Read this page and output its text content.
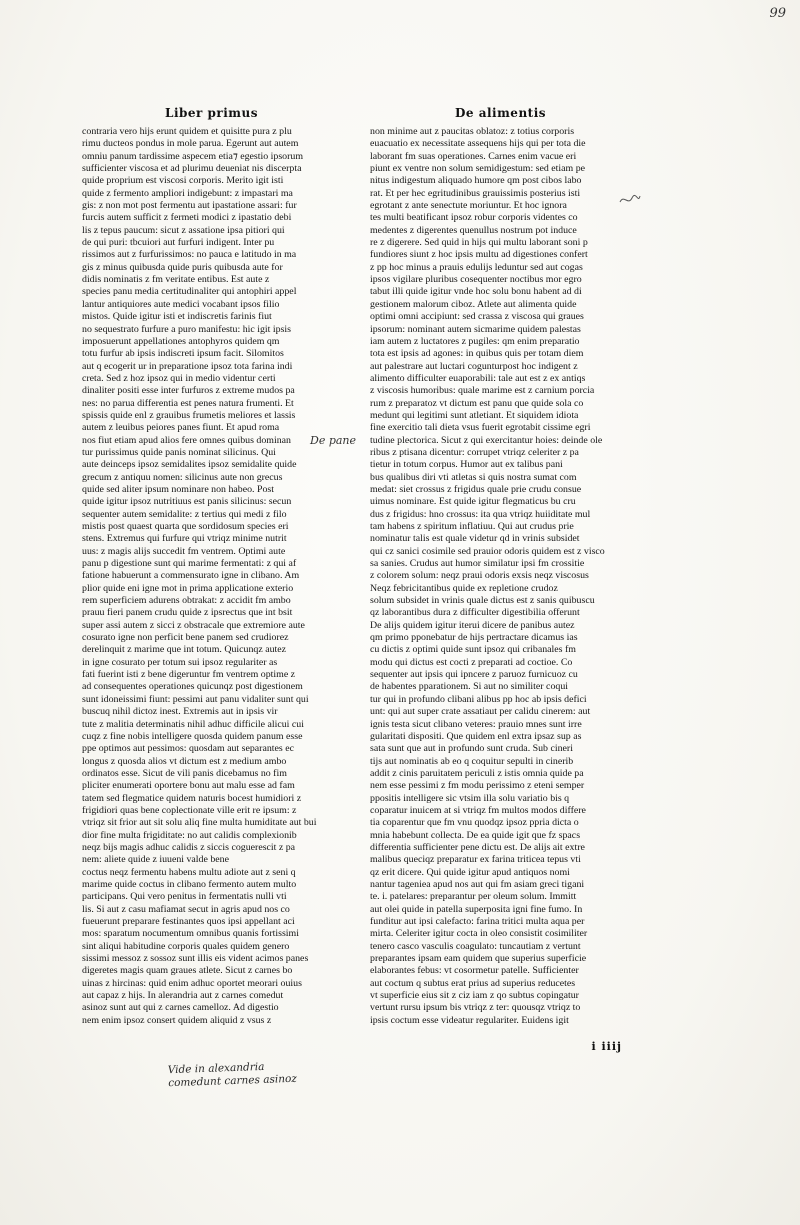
99
Liber primus	De alimentis
contraria vero hijs erunt quidem et quisitte pura z plu
rimu ducteos pondus in mole parua. Egerunt aut autem
omniu panum tardissime aspecem etia⁊ egestio ipsorum
sufficienter viscosa et ad plurimu deueniat nis discerpta
quide proprium est viscosi corporis. Merito igit isti
quide z fermento ampliori indigebunt: z impastari ma
gis: z non mot post fermentu aut ipastatione assari: fur
furcis autem sufficit z fermeti modici z ipastatio debi
lis z tepus paucum: sicut z assatione ipsa pitiori qui
de qui puri: tbcuiori aut furfuri indigent. Inter pu
rissimos aut z furfurissimos: no pauca e latitudo in ma
gis z minus quibusda quide puris quibusda aute for
didis nominatis z fm veritate entibus. Est aute z
species panu media certitudinaliter qui antophiri appel
lantur antiquiores aute medici vocabant ipsos filio
mistos. Quide igitur isti et indiscretis farinis fiut
no sequestrato furfure a puro manifestu: hic igit ipsis
imposuerunt appellationes antophyros quidem qm
totu furfur ab ipsis indiscreti ipsum facit. Silomitos
aut q ecogerit ur in preparatione ipsoz tota farina indi
creta. Sed z hoz ipsoz qui in medio videntur certi
dinaliter positi esse inter furfuros z extreme mudos pa
nes: no parua differentia est penes natura frumenti. Et
spissis quide enl z grauibus frumetis meliores et lassis
autem z leuibus peiores panes fiunt. Et apud roma
nos fiut etiam apud alios fere omnes quibus dominan
tur purissimus quide panis nominat silicinus. Qui
aute deinceps ipsoz semidalites ipsoz semidalite quide
grecum z antiquu nomen: silicinus aute non grecus
quide sed aliter ipsum nominare non habeo. Post
quide igitur ipsoz nutritiuus est panis silicinus: secun
sequenter autem semidalite: z tertius qui medi z filo
mistis post quaest quarta que sordidosum species eri
stens. Extremus qui furfure qui vtriqz minime nutrit
uus: z magis alijs succedit fm ventrem. Optimi aute
panu p digestione sunt qui marime fermentati: z qui af
fatione habuerunt a commensurato igne in clibano. Am
plior quide eni igne mot in prima applicatione exterio
rem superficiem adurens obtrakat: z accidit fm ambo
prauu fieri panem crudu quide z ipsrectus que int bsit
super assi autem z sicci z obstracale que extremiore aute
cosurato igne non perficit bene panem sed crudiorez
derelinquit z marime que int totum. Quicunqz autez
in igne cosurato per totum sui ipsoz regulariter as
fati fuerint isti z bene digeruntur fm ventrem optime z
ad consequentes operationes quicunqz post digestionem
sunt idoneissimi fiunt: pessimi aut panu vidaliter sunt qui
buscuq nihil dictoz inest. Extremis aut in ipsis vir
tute z malitia determinatis nihil adhuc difficile alicui cui
cuqz z fine nobis intelligere quosda quidem panum esse
ppe optimos aut pessimos: quosdam aut separantes ec
longus z quosda alios vt dictum est z medium ambo
ordinatos esse. Sicut de vili panis dicebamus no fim
pliciter enumerati oportere bonu aut malu esse ad fam
tatem sed flegmatice quidem naturis bocest humidiori z
frigidiori quas bene coplectionate ville erit re ipsum: z
vtriqz sit frior aut sit solu aliq fine multa humiditate aut bui
dior fine multa frigiditate: no aut calidis complexionib
neqz bijs magis adhuc calidis z siccis coguerescit z pa
nem: aliete quide z iuueni valde bene
coctus neqz fermentu habens multu adiote aut z seni q
marime quide coctus in clibano fermento autem multo
participans. Qui vero penitus in fermentatis nulli vti
lis. Si aut z casu mafiamat secut in agris apud nos co
fueuerunt preparare festinantes quos ipsi appellant aci
mos: sparatum nocumentum omnibus quanis fortissimi
sint aliqui habitudine corporis quales quidem genero
sissimi messoz z sossoz sunt illis eis vident acimos panes
digeretes magis quam graues atlete. Sicut z carnes bo
uinas z hircinas: quid enim adhuc oportet meorari ouius
aut capaz z hijs. In alerandria aut z carnes comedut
asinoz sunt aut qui z carnes camelloz. Ad digestio
nem enim ipsoz consert quidem aliquid z vsus z
non minime aut z paucitas oblatoz: z totius corporis
euacuatio ex necessitate assequens hijs qui per tota die
laborant fm suas operationes. Carnes enim vacue eri
piunt ex ventre non solum semidigestum: sed etiam pe
nitus indigestum aliquado humore qm post cibos labo
rat. Et per hec egritudinibus grauissimis posterius isti
egrotant z ante senectute moriuntur. Et hoc ignora
tes multi beatificant ipsoz robur corporis videntes co
medentes z digerentes quenullus nostrum pot induce
re z digerere. Sed quid in hijs qui multu laborant soni p
fundiores siunt z hoc ipsis multu ad digestiones confert
z pp hoc minus a prauis edulijs leduntur sed aut cogas
ipsos vigilare pluribus cosequenter noctibus mor egro
tabut illi quide igitur vnde hoc solu bonu habent ad di
gestionem malorum ciboz. Atlete aut alimenta quide
optimi omni accipiunt: sed crassa z viscosa qui graues
ipsorum: nominant autem sicmarime quidem palestas
iam autem z luctatores z pugiles: qm enim preparatio
tota est ipsis ad agones: in quibus quis per totam diem
aut palestrare aut luctari cogunturpost hoc indigent z
alimento difficulter euaporabili: tale aut est z ex antiqs
z viscosis humoribus: quale marime est z carnium porcia
rum z preparatoz vt dictum est panu que quide sola co
medunt qui legitimi sunt atletiant. Et siquidem idiota
fine exercitio tali dieta vsus fuerit egrotabit cissime egri
tudine plectorica. Sicut z qui exercitantur hoies: deinde ole
ribus z ptisana dicentur: corrupet vtriqz celeriter z pa
tietur in totum corpus. Humor aut ex talibus pani
bus qualibus diri vti atletas si quis nostra sumat com
medat: siet crossus z frigidus quale prie crudu consue
uimus nominare. Est quide igitur flegmaticus bu cru
dus z frigidus: hno crossus: ita qua vtriqz huiiditate mul
tam habens z spiritum inflatiuu. Qui aut crudus prie
nominatur talis est quale videtur qd in vrinis subsidet
qui cz sanici cosimile sed prauior odoris quidem est z visco
sa sanies. Crudus aut humor similatur ipsi fm crossitie
z colorem solum: neqz praui odoris exsis neqz viscosus
Neqz febricitantibus quide ex repletione crudoz
solum subsidet in vrinis quale dictus est z sanis quibuscu
qz laborantibus dura z difficulter digestibilia offerunt
De alijs quidem igitur iterui dicere de panibus autez
qm primo pponebatur de hijs pertractare dicamus ias
cu dictis z optimi quide sunt ipsoz qui cribanales fm
modu qui dictus est cocti z preparati ad coctioe. Co
sequenter aut ipsis qui ipncere z paruoz furnicuoz cu
de habentes pparationem. Si aut no similiter coqui
tur qui in profundo clibani alibus pp hoc ab ipsis defici
unt: qui aut super crate assatiaut per calidu cinerem: aut
ignis testa sicut clibano veteres: prauio mnes sunt irre
gularitati dispositi. Que quidem enl extra ipsaz sup as
sata sunt que aut in profundo sunt cruda. Sub cineri
tijs aut nominatis ab eo q coquitur sepulti in cinerib
addit z cinis paruitatem periculi z istis omnia quide pa
nem esse pessimi z fm modu perissimo z eteni semper
ppositis intelligere sic vtsim illa solu variatio bis q
coparatur inuicem at si vtriqz fm multos modos differe
tia coparentur que fm vnu quodqz ipsoz ppria dicta o
mnia habebunt collecta. De ea quide igit que fz spacs
differentia sufficienter pene dictu est. De alijs ait extre
malibus queciqz preparatur ex farina triticea tepus vti
qz erit dicere. Qui quide igitur apud antiquos nomi
nantur tageniea apud nos aut qui fm asiam greci tigani
te. i. patelares: preparantur per oleum solum. Immitt
aut olei quide in patella superposita igni fine fumo. In
funditur aut ipsi calefacto: farina tritici multa aqua per
mirta. Celeriter igitur cocta in oleo consistit cosimiliter
tenero casco vasculis coagulato: tuncautiam z vertunt
preparantes ipsam eam quidem que superius superficie
elaborantes febus: vt cosormetur patelle. Sufficienter
aut coctum q subtus erat prius ad superius reducetes
vt superficie eius sit z ciz iam z qo subtus copingatur
vertunt rursu ipsum bis vtriqz z ter: quousqz vtriqz to
ipsis coctum esse videatur regulariter. Euidens igit
De pane
i iiij
Vide in alexandria
comedunt carnes asinoz
